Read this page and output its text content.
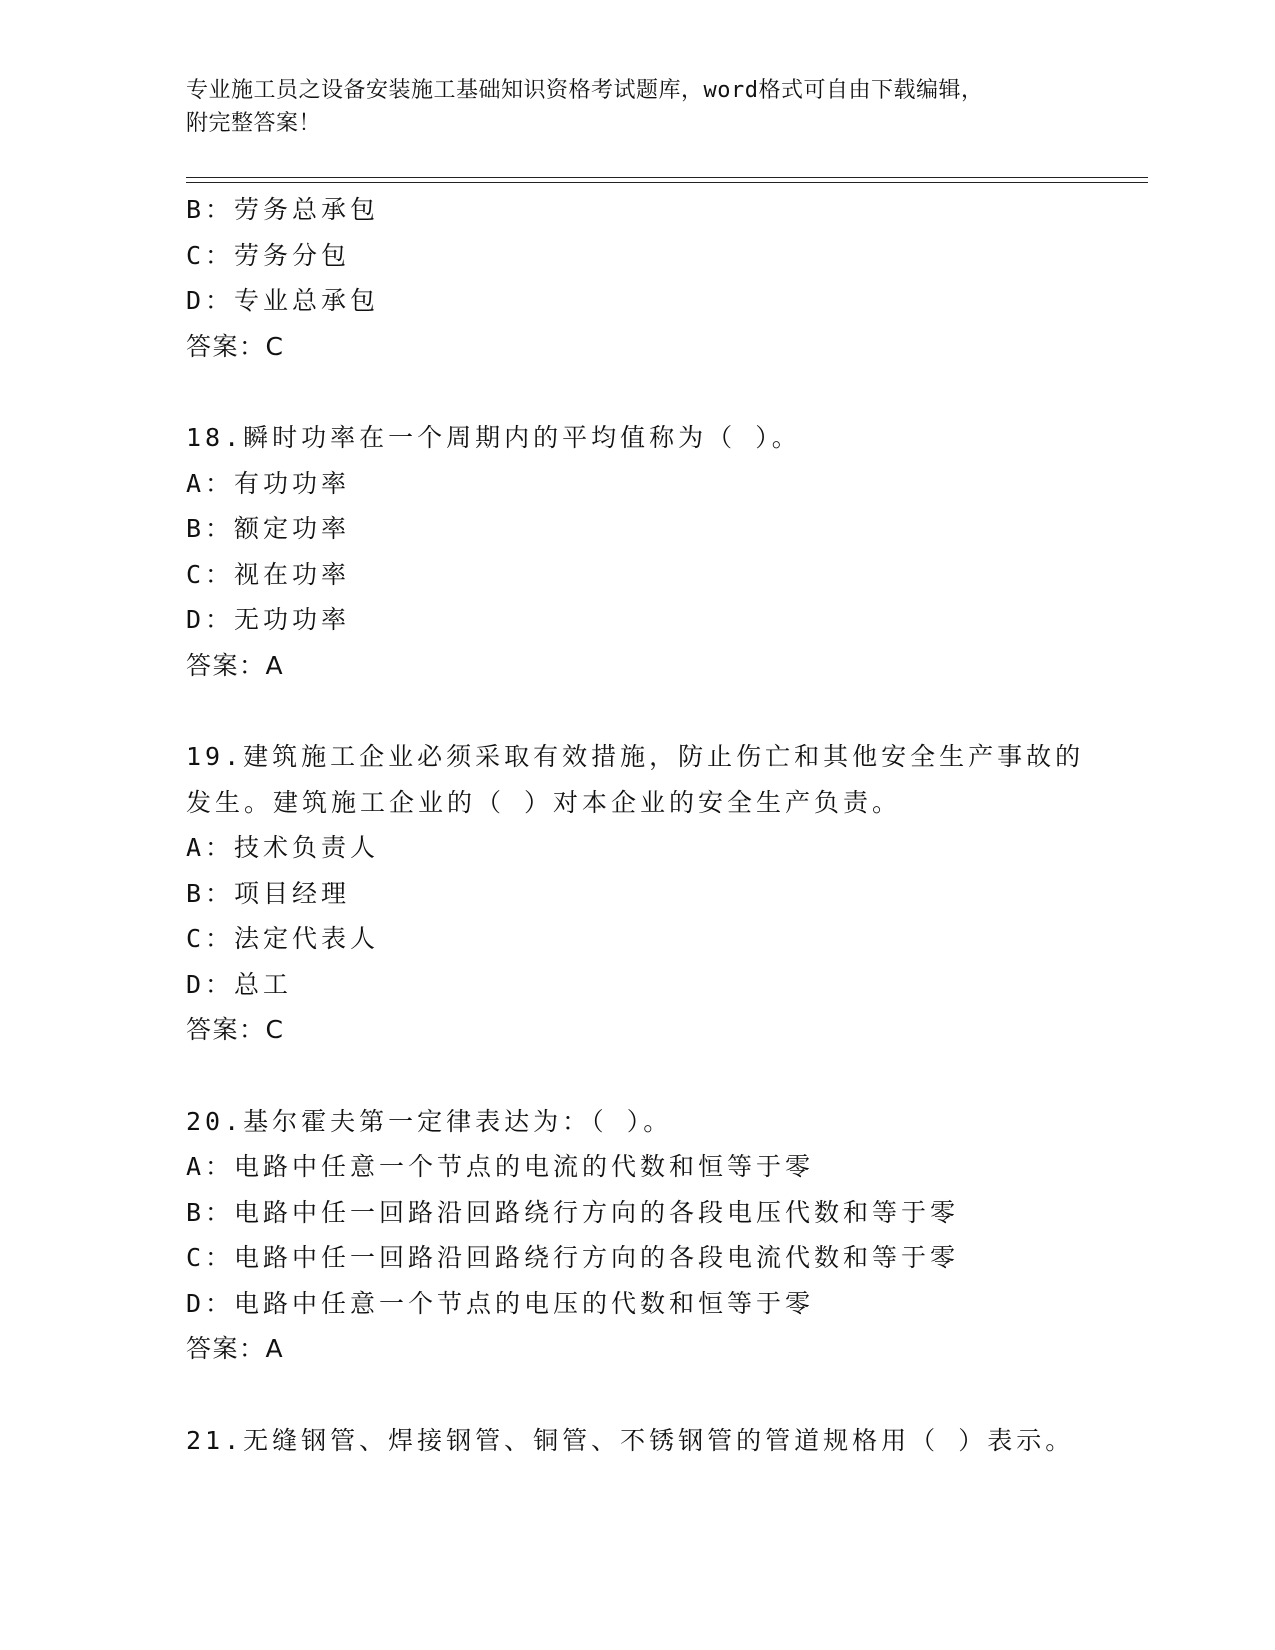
专业施工员之设备安装施工基础知识资格考试题库，word格式可自由下载编辑，
附完整答案！
B：劳务总承包
C：劳务分包
D：专业总承包
答案：C
18.瞬时功率在一个周期内的平均值称为（ ）。
A：有功功率
B：额定功率
C：视在功率
D：无功功率
答案：A
19.建筑施工企业必须采取有效措施，防止伤亡和其他安全生产事故的
发生。建筑施工企业的（ ）对本企业的安全生产负责。
A：技术负责人
B：项目经理
C：法定代表人
D：总工
答案：C
20.基尔霍夫第一定律表达为：（ ）。
A：电路中任意一个节点的电流的代数和恒等于零
B：电路中任一回路沿回路绕行方向的各段电压代数和等于零
C：电路中任一回路沿回路绕行方向的各段电流代数和等于零
D：电路中任意一个节点的电压的代数和恒等于零
答案：A
21.无缝钢管、焊接钢管、铜管、不锈钢管的管道规格用（ ）表示。
